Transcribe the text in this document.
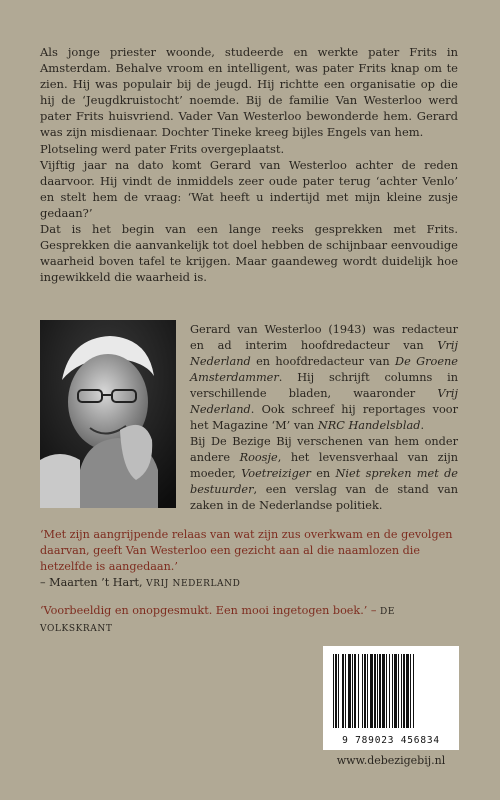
Als jonge priester woonde, studeerde en werkte pater Frits in Amsterdam. Behalve vroom en intelligent, was pater Frits knap om te zien. Hij was populair bij de jeugd. Hij richtte een organisatie op die hij de ‘Jeugdkruistocht’ noemde. Bij de familie Van Westerloo werd pater Frits huisvriend. Vader Van Westerloo bewonderde hem. Gerard was zijn misdienaar. Dochter Tineke kreeg bijles Engels van hem.

Plotseling werd pater Frits overgeplaatst.

Vijftig jaar na dato komt Gerard van Westerloo achter de reden daarvoor. Hij vindt de inmiddels zeer oude pater terug ‘achter Venlo’ en stelt hem de vraag: ‘Wat heeft u indertijd met mijn kleine zusje gedaan?’

Dat is het begin van een lange reeks gesprekken met Frits. Gesprekken die aanvankelijk tot doel hebben de schijnbaar eenvoudige waarheid boven tafel te krijgen. Maar gaandeweg wordt duidelijk hoe ingewikkeld die waarheid is.

Gerard van Westerloo (1943) was redacteur en ad interim hoofdredacteur van Vrij Nederland en hoofdredacteur van De Groene Amsterdammer. Hij schrijft columns in verschillende bladen, waaronder Vrij Nederland. Ook schreef hij reportages voor het Magazine ‘M’ van NRC Handelsblad.

Bij De Bezige Bij verschenen van hem onder andere Roosje, het levensverhaal van zijn moeder, Voetreiziger en Niet spreken met de bestuurder, een verslag van de stand van zaken in de Nederlandse politiek.

‘Met zijn aangrijpende relaas van wat zijn zus overkwam en de gevolgen daarvan, geeft Van Westerloo een gezicht aan al die naamlozen die hetzelfde is aangedaan.’
– Maarten ’t Hart, VRIJ NEDERLAND
‘Voorbeeldig en onopgesmukt. Een mooi ingetogen boek.’ – DE VOLKSKRANT
9 789023 456834
www.debezigebij.nl
